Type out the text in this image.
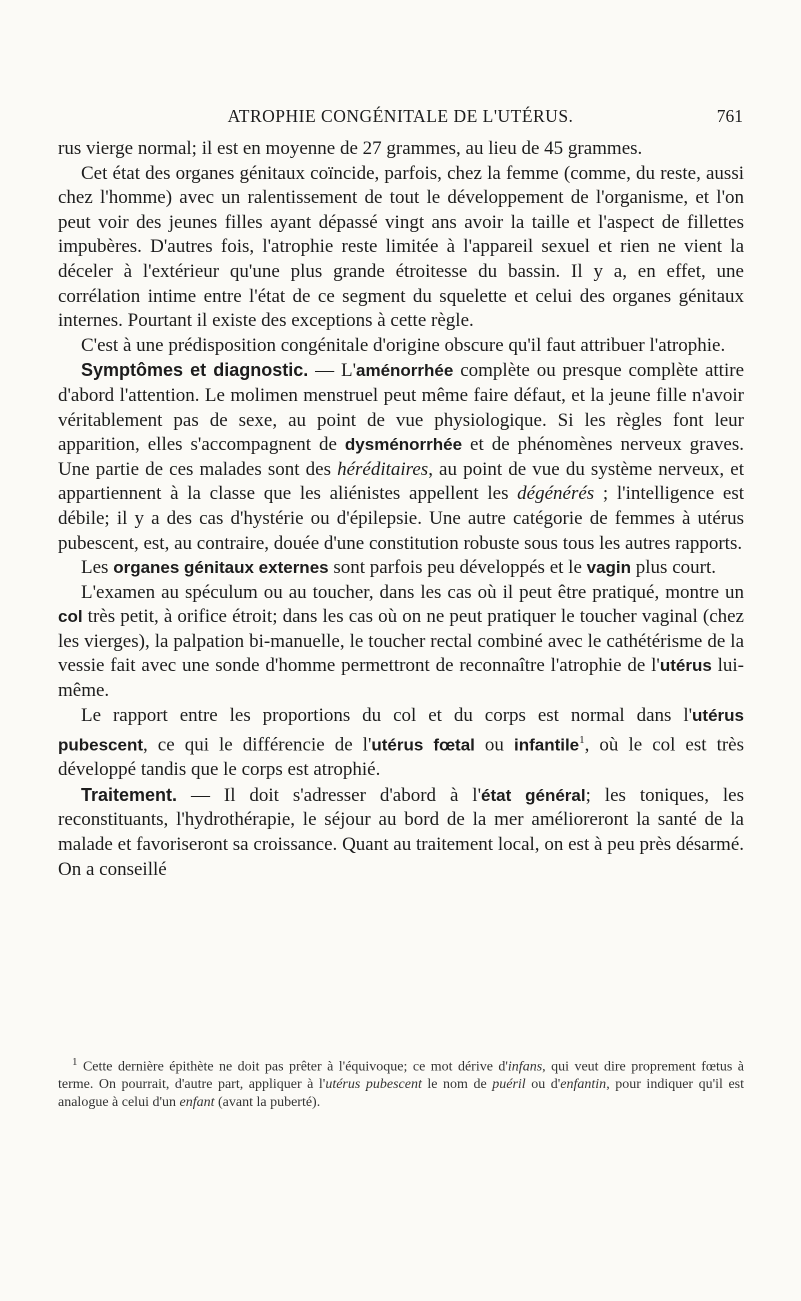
ATROPHIE CONGÉNITALE DE L'UTÉRUS.	761

rus vierge normal; il est en moyenne de 27 grammes, au lieu de 45 grammes.

Cet état des organes génitaux coïncide, parfois, chez la femme (comme, du reste, aussi chez l'homme) avec un ralentissement de tout le développement de l'organisme, et l'on peut voir des jeunes filles ayant dépassé vingt ans avoir la taille et l'aspect de fillettes impubères. D'autres fois, l'atrophie reste limitée à l'appareil sexuel et rien ne vient la déceler à l'extérieur qu'une plus grande étroitesse du bassin. Il y a, en effet, une corrélation intime entre l'état de ce segment du squelette et celui des organes génitaux internes. Pourtant il existe des exceptions à cette règle.

C'est à une prédisposition congénitale d'origine obscure qu'il faut attribuer l'atrophie.

Symptômes et diagnostic. — L'aménorrhée complète ou presque complète attire d'abord l'attention. Le molimen menstruel peut même faire défaut, et la jeune fille n'avoir véritablement pas de sexe, au point de vue physiologique. Si les règles font leur apparition, elles s'accompagnent de dysménorrhée et de phénomènes nerveux graves. Une partie de ces malades sont des héréditaires, au point de vue du système nerveux, et appartiennent à la classe que les aliénistes appellent les dégénérés ; l'intelligence est débile; il y a des cas d'hystérie ou d'épilepsie. Une autre catégorie de femmes à utérus pubescent, est, au contraire, douée d'une constitution robuste sous tous les autres rapports.

Les organes génitaux externes sont parfois peu développés et le vagin plus court.

L'examen au spéculum ou au toucher, dans les cas où il peut être pratiqué, montre un col très petit, à orifice étroit; dans les cas où on ne peut pratiquer le toucher vaginal (chez les vierges), la palpation bi-manuelle, le toucher rectal combiné avec le cathétérisme de la vessie fait avec une sonde d'homme permettront de reconnaître l'atrophie de l'utérus lui-même.

Le rapport entre les proportions du col et du corps est normal dans l'utérus pubescent, ce qui le différencie de l'utérus fœtal ou infantile$^1$, où le col est très développé tandis que le corps est atrophié.

Traitement. — Il doit s'adresser d'abord à l'état général; les toniques, les reconstituants, l'hydrothérapie, le séjour au bord de la mer amélioreront la santé de la malade et favoriseront sa croissance. Quant au traitement local, on est à peu près désarmé. On a conseillé

$^1$ Cette dernière épithète ne doit pas prêter à l'équivoque; ce mot dérive d'infans, qui veut dire proprement fœtus à terme. On pourrait, d'autre part, appliquer à l'utérus pubescent le nom de puéril ou d'enfantin, pour indiquer qu'il est analogue à celui d'un enfant (avant la puberté).
